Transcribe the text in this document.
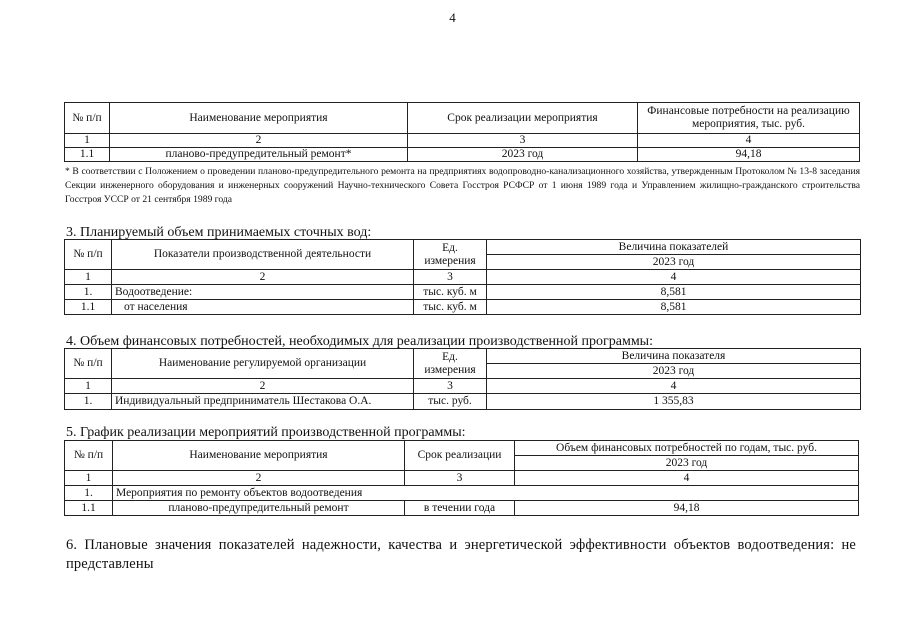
4
№ п/п	Наименование мероприятия	Срок реализации мероприятия	Финансовые потребности на реализацию мероприятия, тыс. руб.
1	2	3	4
1.1	планово-предупредительный ремонт*	2023 год	94,18
* В соответствии с Положением о проведении планово-предупредительного ремонта на предприятиях водопроводно-канализационного хозяйства, утвержденным Протоколом № 13-8 заседания Секции инженерного оборудования и инженерных сооружений Научно-технического Совета Госстроя РСФСР от 1 июня 1989 года и Управлением жилищно-гражданского строительства Госстроя УССР от 21 сентября 1989 года
3. Планируемый объем принимаемых сточных вод:
№ п/п	Показатели производственной деятельности	Ед. измерения	Величина показателей
			2023 год
1	2	3	4
1.	Водоотведение:	тыс. куб. м	8,581
1.1	от населения	тыс. куб. м	8,581
4. Объем финансовых потребностей, необходимых для реализации производственной программы:
№ п/п	Наименование регулируемой организации	Ед. измерения	Величина показателя
			2023 год
1	2	3	4
1.	Индивидуальный предприниматель Шестакова О.А.	тыс. руб.	1 355,83
5. График реализации мероприятий производственной программы:
№ п/п	Наименование мероприятия	Срок реализации	Объем финансовых потребностей по годам, тыс. руб.
			2023 год
1	2	3	4
1.	Мероприятия по ремонту объектов водоотведения		
1.1	планово-предупредительный ремонт	в течении года	94,18
6. Плановые значения показателей надежности, качества и энергетической эффективности объектов водоотведения: не представлены
